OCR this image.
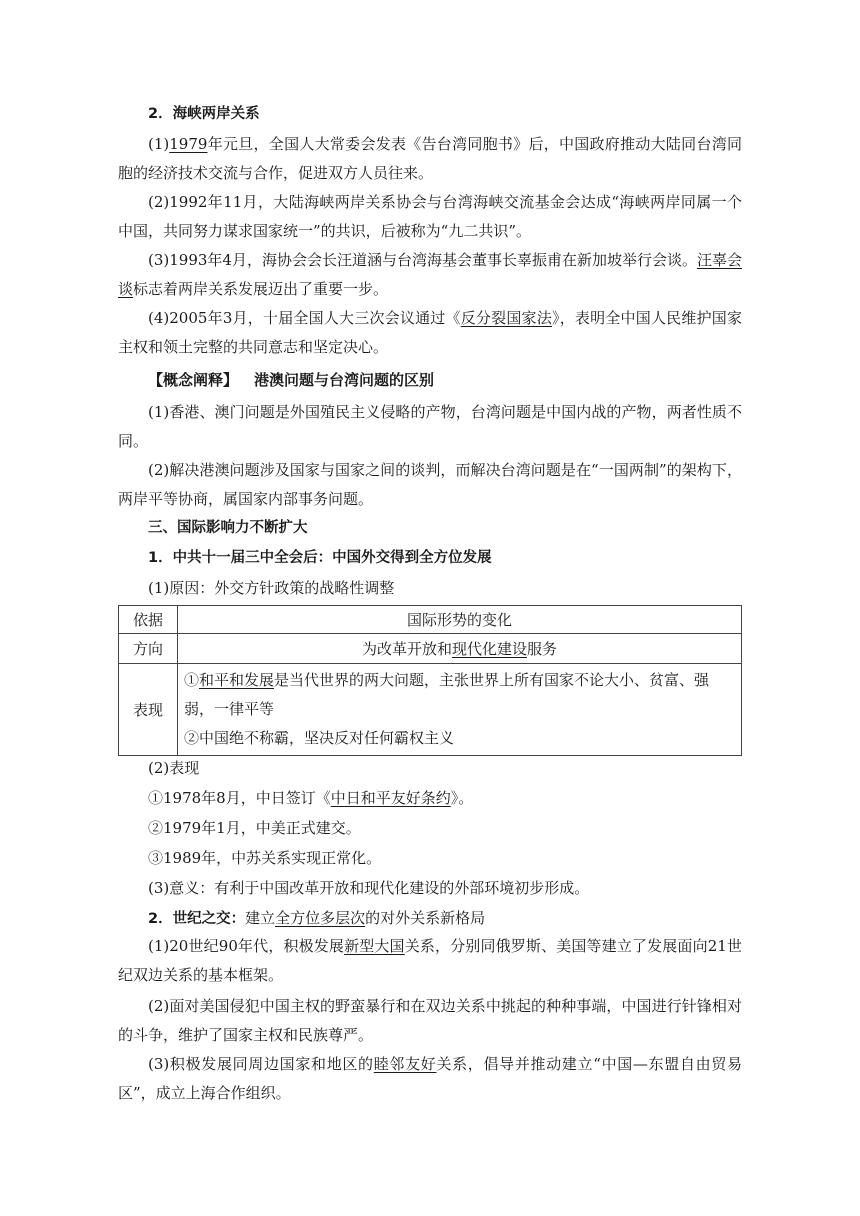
2．海峡两岸关系

(1)1979年元旦，全国人大常委会发表《告台湾同胞书》后，中国政府推动大陆同台湾同胞的经济技术交流与合作，促进双方人员往来。

(2)1992年11月，大陆海峡两岸关系协会与台湾海峡交流基金会达成“海峡两岸同属一个中国，共同努力谋求国家统一”的共识，后被称为“九二共识”。

(3)1993年4月，海协会会长汪道涵与台湾海基会董事长辜振甫在新加坡举行会谈。汪辜会谈标志着两岸关系发展迈出了重要一步。

(4)2005年3月，十届全国人大三次会议通过《反分裂国家法》，表明全中国人民维护国家主权和领土完整的共同意志和坚定决心。

【概念阐释】 港澳问题与台湾问题的区别

(1)香港、澳门问题是外国殖民主义侵略的产物，台湾问题是中国内战的产物，两者性质不同。

(2)解决港澳问题涉及国家与国家之间的谈判，而解决台湾问题是在“一国两制”的架构下，两岸平等协商，属国家内部事务问题。

三、国际影响力不断扩大

1．中共十一届三中全会后：中国外交得到全方位发展

(1)原因：外交方针政策的战略性调整

依据	国际形势的变化
方向	为改革开放和现代化建设服务
表现	①和平和发展是当代世界的两大问题，主张世界上所有国家不论大小、贫富、强弱，一律平等
②中国绝不称霸，坚决反对任何霸权主义

(2)表现

①1978年8月，中日签订《中日和平友好条约》。

②1979年1月，中美正式建交。

③1989年，中苏关系实现正常化。

(3)意义：有利于中国改革开放和现代化建设的外部环境初步形成。

2．世纪之交：建立全方位多层次的对外关系新格局

(1)20世纪90年代，积极发展新型大国关系，分别同俄罗斯、美国等建立了发展面向21世纪双边关系的基本框架。

(2)面对美国侵犯中国主权的野蛮暴行和在双边关系中挑起的种种事端，中国进行针锋相对的斗争，维护了国家主权和民族尊严。

(3)积极发展同周边国家和地区的睦邻友好关系，倡导并推动建立“中国—东盟自由贸易区”，成立上海合作组织。
